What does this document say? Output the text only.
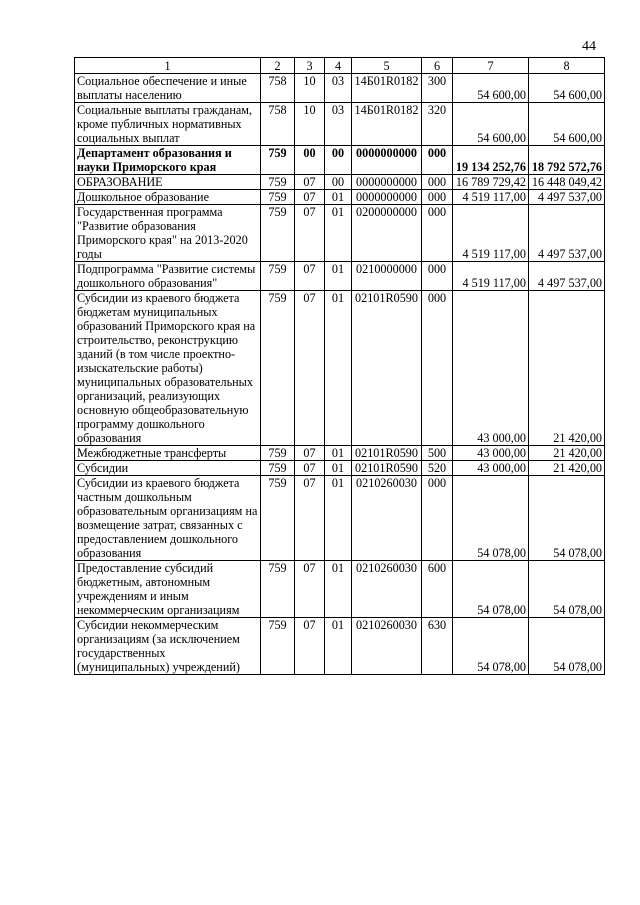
44
1	2	3	4	5	6	7	8
Социальное обеспечение и иные выплаты населению	758	10	03	14Б01R0182	300	54 600,00	54 600,00
Социальные выплаты гражданам, кроме публичных нормативных социальных выплат	758	10	03	14Б01R0182	320	54 600,00	54 600,00
Департамент образования и науки Приморского края	759	00	00	0000000000	000	19 134 252,76	18 792 572,76
ОБРАЗОВАНИЕ	759	07	00	0000000000	000	16 789 729,42	16 448 049,42
Дошкольное образование	759	07	01	0000000000	000	4 519 117,00	4 497 537,00
Государственная программа "Развитие образования Приморского края" на 2013-2020 годы	759	07	01	0200000000	000	4 519 117,00	4 497 537,00
Подпрограмма "Развитие системы дошкольного образования"	759	07	01	0210000000	000	4 519 117,00	4 497 537,00
Субсидии из краевого бюджета бюджетам муниципальных образований Приморского края на строительство, реконструкцию зданий (в том числе проектно-изыскательские работы) муниципальных образовательных организаций, реализующих основную общеобразовательную программу дошкольного образования	759	07	01	02101R0590	000	43 000,00	21 420,00
Межбюджетные трансферты	759	07	01	02101R0590	500	43 000,00	21 420,00
Субсидии	759	07	01	02101R0590	520	43 000,00	21 420,00
Субсидии из краевого бюджета частным дошкольным образовательным организациям на возмещение затрат, связанных с предоставлением дошкольного образования	759	07	01	0210260030	000	54 078,00	54 078,00
Предоставление субсидий бюджетным, автономным учреждениям и иным некоммерческим организациям	759	07	01	0210260030	600	54 078,00	54 078,00
Субсидии некоммерческим организациям (за исключением государственных (муниципальных) учреждений)	759	07	01	0210260030	630	54 078,00	54 078,00
